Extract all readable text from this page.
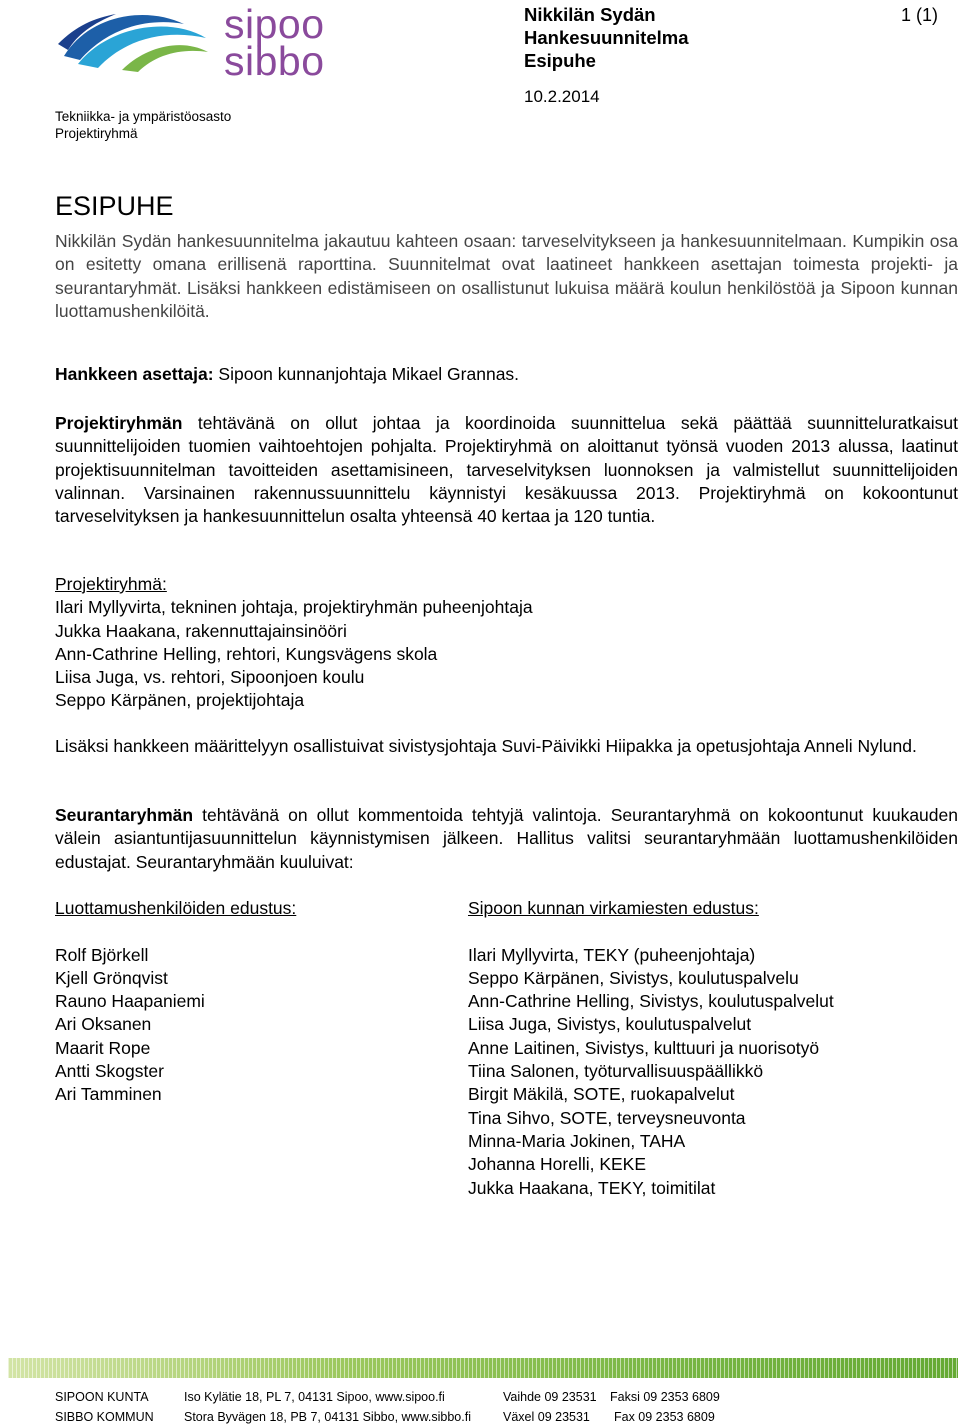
sipoo
sibbo
Tekniikka- ja ympäristöosasto
Projektiryhmä
Nikkilän Sydän
Hankesuunnitelma
Esipuhe
10.2.2014
1 (1)
ESIPUHE
Nikkilän Sydän hankesuunnitelma jakautuu kahteen osaan: tarveselvitykseen ja hankesuunnitelmaan. Kumpikin osa on esitetty omana erillisenä raporttina. Suunnitelmat ovat laatineet hankkeen asettajan toimesta projekti- ja seurantaryhmät. Lisäksi hankkeen edistämiseen on osallistunut lukuisa määrä koulun henkilöstöä ja Sipoon kunnan luottamushenkilöitä.
Hankkeen asettaja: Sipoon kunnanjohtaja Mikael Grannas.
Projektiryhmän tehtävänä on ollut johtaa ja koordinoida suunnittelua sekä päättää suunnitteluratkaisut suunnittelijoiden tuomien vaihtoehtojen pohjalta. Projektiryhmä on aloittanut työnsä vuoden 2013 alussa, laatinut projektisuunnitelman tavoitteiden asettamisineen, tarveselvityksen luonnoksen ja valmistellut suunnittelijoiden valinnan. Varsinainen rakennussuunnittelu käynnistyi kesäkuussa 2013. Projektiryhmä on kokoontunut tarveselvityksen ja hankesuunnittelun osalta yhteensä 40 kertaa ja 120 tuntia.
Projektiryhmä:
Ilari Myllyvirta, tekninen johtaja, projektiryhmän puheenjohtaja
Jukka Haakana, rakennuttajainsinööri
Ann-Cathrine Helling, rehtori, Kungsvägens skola
Liisa Juga, vs. rehtori, Sipoonjoen koulu
Seppo Kärpänen, projektijohtaja
Lisäksi hankkeen määrittelyyn osallistuivat sivistysjohtaja Suvi-Päivikki Hiipakka ja opetusjohtaja Anneli Nylund.
Seurantaryhmän tehtävänä on ollut kommentoida tehtyjä valintoja. Seurantaryhmä on kokoontunut kuukauden välein asiantuntijasuunnittelun käynnistymisen jälkeen. Hallitus valitsi seurantaryhmään luottamushenkilöiden edustajat. Seurantaryhmään kuuluivat:
Luottamushenkilöiden edustus:
Rolf Björkell
Kjell Grönqvist
Rauno Haapaniemi
Ari Oksanen
Maarit Rope
Antti Skogster
Ari Tamminen
Sipoon kunnan virkamiesten edustus:
Ilari Myllyvirta, TEKY (puheenjohtaja)
Seppo Kärpänen, Sivistys, koulutuspalvelu
Ann-Cathrine Helling, Sivistys, koulutuspalvelut
Liisa Juga, Sivistys, koulutuspalvelut
Anne Laitinen, Sivistys, kulttuuri ja nuorisotyö
Tiina Salonen, työturvallisuuspäällikkö
Birgit Mäkilä, SOTE, ruokapalvelut
Tina Sihvo, SOTE, terveysneuvonta
Minna-Maria Jokinen, TAHA
Johanna Horelli, KEKE
Jukka Haakana, TEKY, toimitilat
SIPOON KUNTA	Iso Kylätie 18, PL 7, 04131 Sipoo, www.sipoo.fi	Vaihde 09 23531 Faksi 09 2353 6809
SIBBO KOMMUN Stora Byvägen 18, PB 7, 04131 Sibbo, www.sibbo.fi	Växel 09 23531 Fax 09 2353 6809
